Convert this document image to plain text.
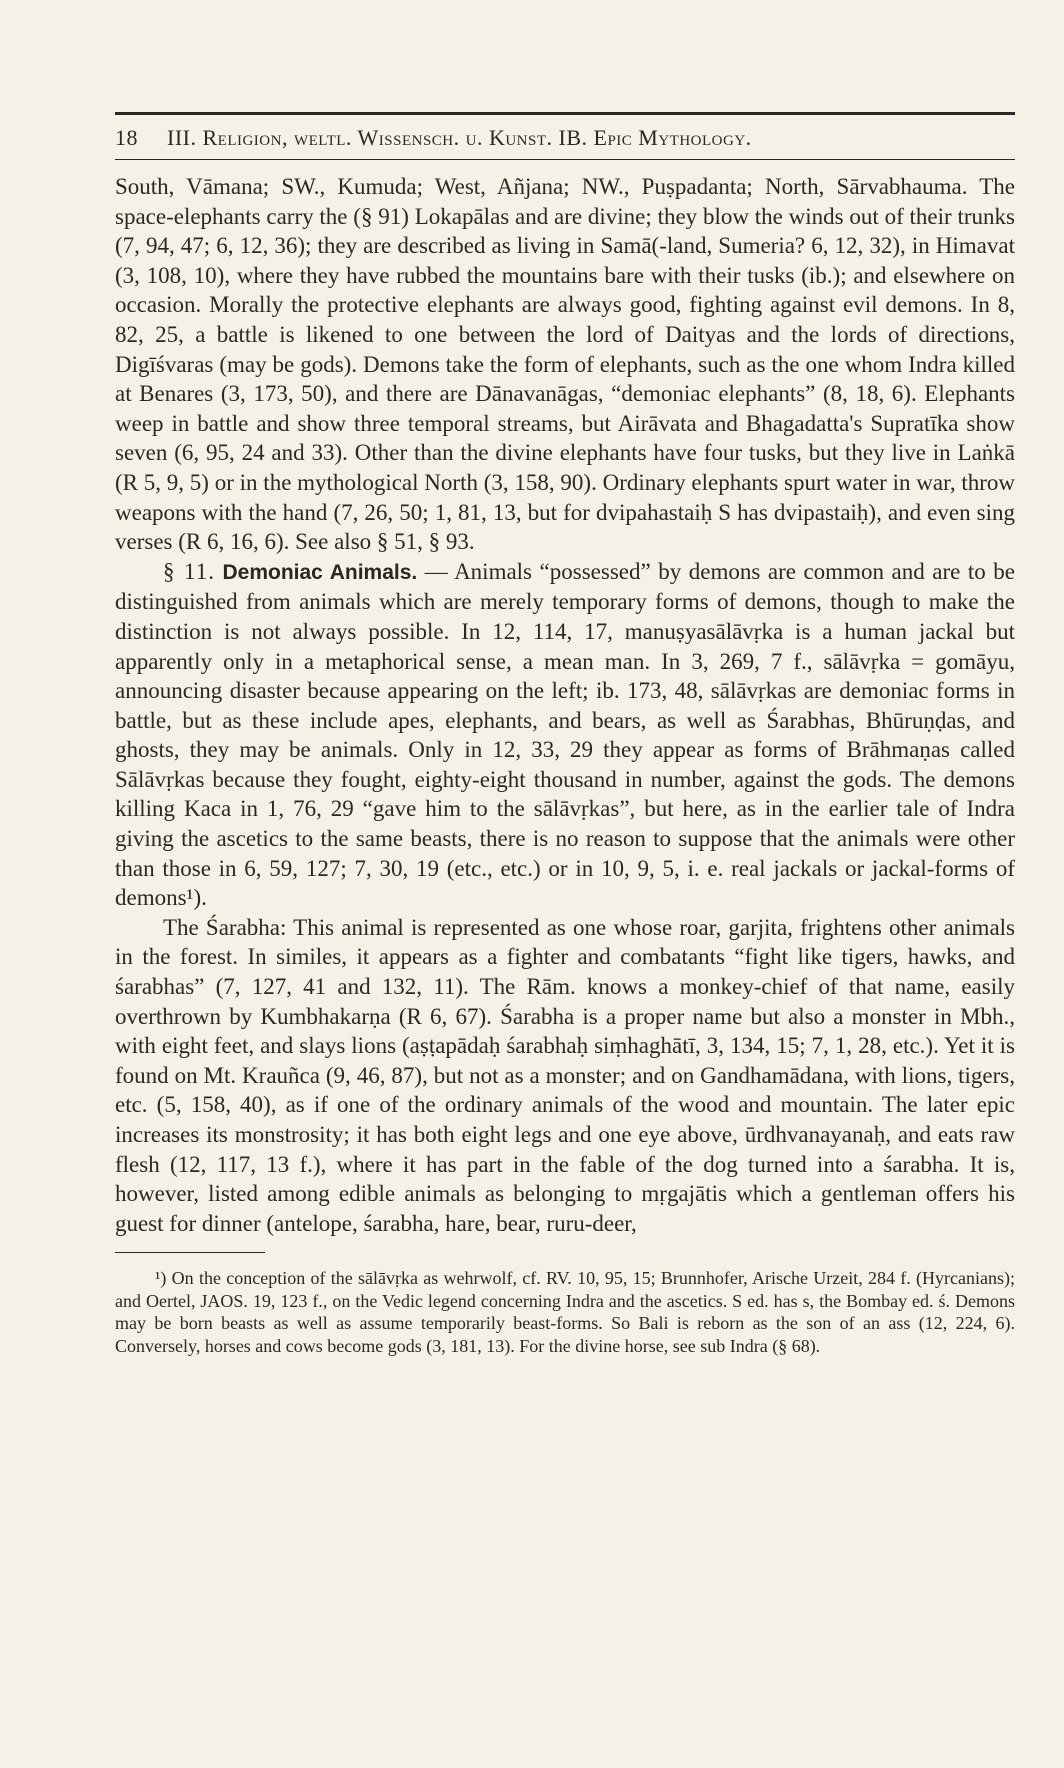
18	III. Religion, weltl. Wissensch. u. Kunst. IB. Epic Mythology.

South, Vāmana; SW., Kumuda; West, Añjana; NW., Puṣpadanta; North, Sārvabhauma. The space-elephants carry the (§ 91) Lokapālas and are divine; they blow the winds out of their trunks (7, 94, 47; 6, 12, 36); they are described as living in Samā(-land, Sumeria? 6, 12, 32), in Himavat (3, 108, 10), where they have rubbed the mountains bare with their tusks (ib.); and elsewhere on occasion. Morally the protective elephants are always good, fighting against evil demons. In 8, 82, 25, a battle is likened to one between the lord of Daityas and the lords of directions, Digīśvaras (may be gods). Demons take the form of elephants, such as the one whom Indra killed at Benares (3, 173, 50), and there are Dānavanāgas, “demoniac elephants” (8, 18, 6). Elephants weep in battle and show three temporal streams, but Airāvata and Bhagadatta's Supratīka show seven (6, 95, 24 and 33). Other than the divine elephants have four tusks, but they live in Laṅkā (R 5, 9, 5) or in the mythological North (3, 158, 90). Ordinary elephants spurt water in war, throw weapons with the hand (7, 26, 50; 1, 81, 13, but for dvipahastaiḥ S has dvipastaiḥ), and even sing verses (R 6, 16, 6). See also § 51, § 93.

§ 11. Demoniac Animals. — Animals “possessed” by demons are common and are to be distinguished from animals which are merely temporary forms of demons, though to make the distinction is not always possible. In 12, 114, 17, manuṣyasālāvṛka is a human jackal but apparently only in a metaphorical sense, a mean man. In 3, 269, 7 f., sālāvṛka = gomāyu, announcing disaster because appearing on the left; ib. 173, 48, sālāvṛkas are demoniac forms in battle, but as these include apes, elephants, and bears, as well as Śarabhas, Bhūruṇḍas, and ghosts, they may be animals. Only in 12, 33, 29 they appear as forms of Brāhmaṇas called Sālāvṛkas because they fought, eighty-eight thousand in number, against the gods. The demons killing Kaca in 1, 76, 29 “gave him to the sālāvṛkas”, but here, as in the earlier tale of Indra giving the ascetics to the same beasts, there is no reason to suppose that the animals were other than those in 6, 59, 127; 7, 30, 19 (etc., etc.) or in 10, 9, 5, i. e. real jackals or jackal-forms of demons¹).

The Śarabha: This animal is represented as one whose roar, garjita, frightens other animals in the forest. In similes, it appears as a fighter and combatants “fight like tigers, hawks, and śarabhas” (7, 127, 41 and 132, 11). The Rām. knows a monkey-chief of that name, easily overthrown by Kumbhakarṇa (R 6, 67). Śarabha is a proper name but also a monster in Mbh., with eight feet, and slays lions (aṣṭapādaḥ śarabhaḥ siṃhaghātī, 3, 134, 15; 7, 1, 28, etc.). Yet it is found on Mt. Krauñca (9, 46, 87), but not as a monster; and on Gandhamādana, with lions, tigers, etc. (5, 158, 40), as if one of the ordinary animals of the wood and mountain. The later epic increases its monstrosity; it has both eight legs and one eye above, ūrdhvanayanaḥ, and eats raw flesh (12, 117, 13 f.), where it has part in the fable of the dog turned into a śarabha. It is, however, listed among edible animals as belonging to mṛgajātis which a gentleman offers his guest for dinner (antelope, śarabha, hare, bear, ruru-deer,

¹) On the conception of the sālāvṛka as wehrwolf, cf. RV. 10, 95, 15; Brunnhofer, Arische Urzeit, 284 f. (Hyrcanians); and Oertel, JAOS. 19, 123 f., on the Vedic legend concerning Indra and the ascetics. S ed. has s, the Bombay ed. ś. Demons may be born beasts as well as assume temporarily beast-forms. So Bali is reborn as the son of an ass (12, 224, 6). Conversely, horses and cows become gods (3, 181, 13). For the divine horse, see sub Indra (§ 68).
